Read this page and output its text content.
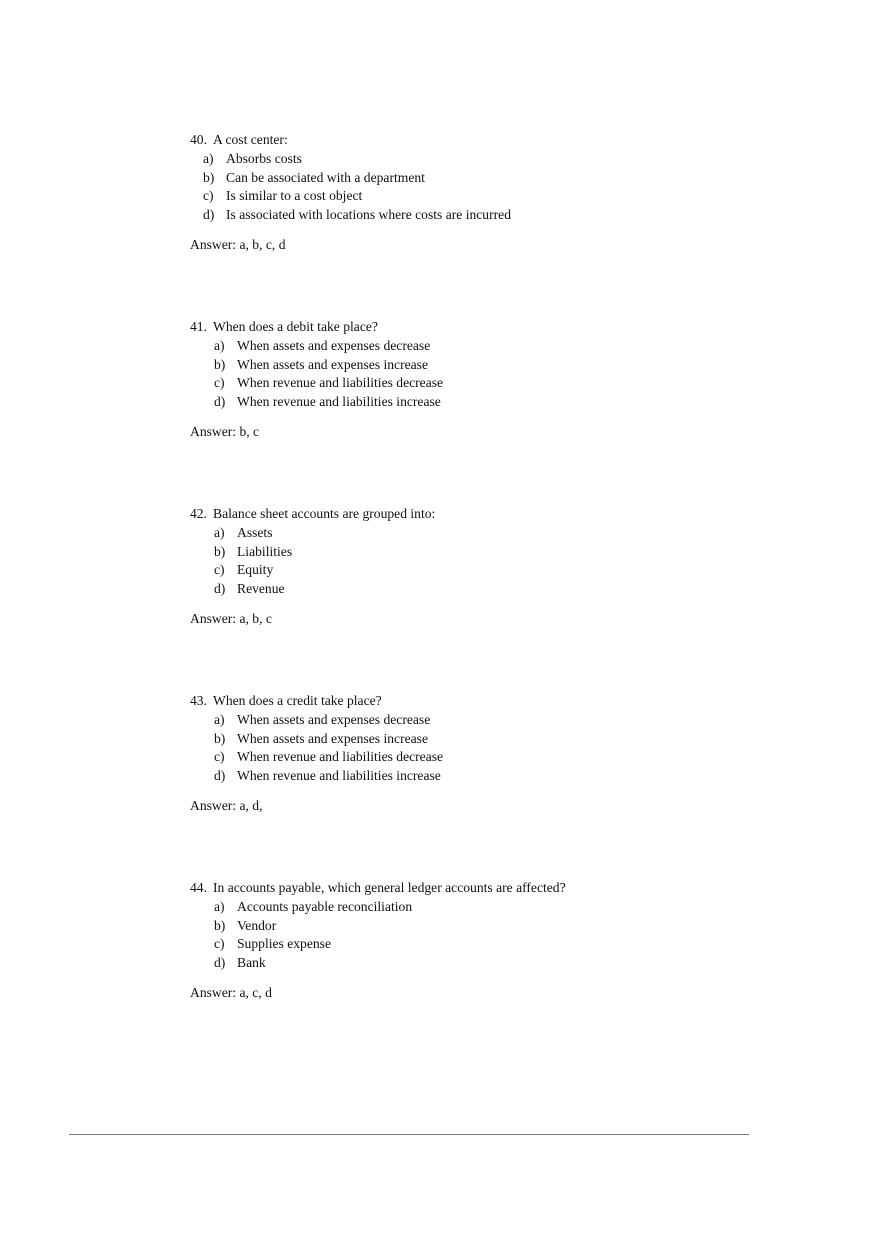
40. A cost center:
a) Absorbs costs
b) Can be associated with a department
c) Is similar to a cost object
d) Is associated with locations where costs are incurred
Answer: a, b, c, d
41. When does a debit take place?
a) When assets and expenses decrease
b) When assets and expenses increase
c) When revenue and liabilities decrease
d) When revenue and liabilities increase
Answer: b, c
42. Balance sheet accounts are grouped into:
a) Assets
b) Liabilities
c) Equity
d) Revenue
Answer: a, b, c
43. When does a credit take place?
a) When assets and expenses decrease
b) When assets and expenses increase
c) When revenue and liabilities decrease
d) When revenue and liabilities increase
Answer: a, d,
44. In accounts payable, which general ledger accounts are affected?
a) Accounts payable reconciliation
b) Vendor
c) Supplies expense
d) Bank
Answer: a, c, d
